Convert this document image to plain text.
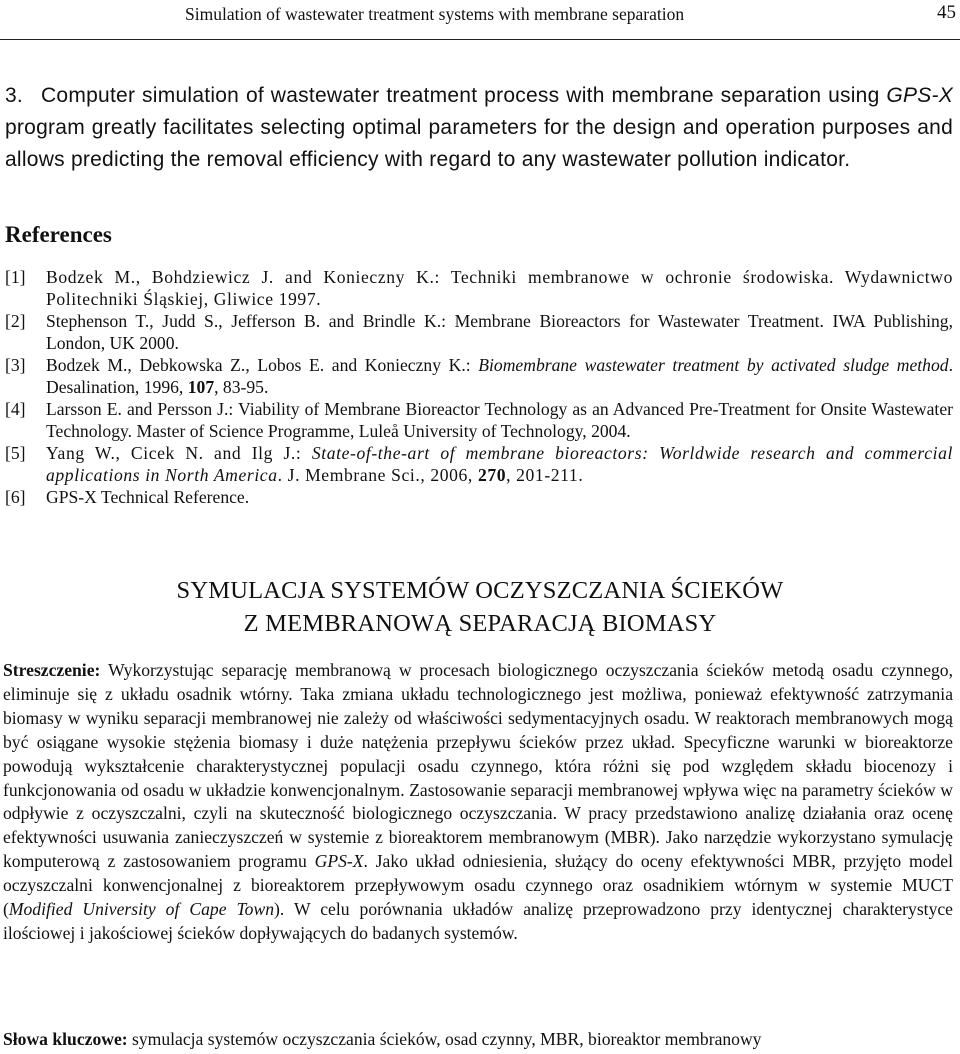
Simulation of wastewater treatment systems with membrane separation	45

3. Computer simulation of wastewater treatment process with membrane separation using GPS-X program greatly facilitates selecting optimal parameters for the design and operation purposes and allows predicting the removal efficiency with regard to any wastewater pollution indicator.

References
[1]	Bodzek M., Bohdziewicz J. and Konieczny K.: Techniki membranowe w ochronie środowiska. Wydawnictwo Politechniki Śląskiej, Gliwice 1997.
[2]	Stephenson T., Judd S., Jefferson B. and Brindle K.: Membrane Bioreactors for Wastewater Treatment. IWA Publishing, London, UK 2000.
[3]	Bodzek M., Debkowska Z., Lobos E. and Konieczny K.: Biomembrane wastewater treatment by activated sludge method. Desalination, 1996, 107, 83-95.
[4]	Larsson E. and Persson J.: Viability of Membrane Bioreactor Technology as an Advanced Pre-Treatment for Onsite Wastewater Technology. Master of Science Programme, Luleå University of Technology, 2004.
[5]	Yang W., Cicek N. and Ilg J.: State-of-the-art of membrane bioreactors: Worldwide research and commercial applications in North America. J. Membrane Sci., 2006, 270, 201-211.
[6]	GPS-X Technical Reference.
SYMULACJA SYSTEMÓW OCZYSZCZANIA ŚCIEKÓW
Z MEMBRANOWĄ SEPARACJĄ BIOMASY

Streszczenie: Wykorzystując separację membranową w procesach biologicznego oczyszczania ścieków metodą osadu czynnego, eliminuje się z układu osadnik wtórny. Taka zmiana układu technologicznego jest możliwa, ponieważ efektywność zatrzymania biomasy w wyniku separacji membranowej nie zależy od właściwości sedymentacyjnych osadu. W reaktorach membranowych mogą być osiągane wysokie stężenia biomasy i duże natężenia przepływu ścieków przez układ. Specyficzne warunki w bioreaktorze powodują wykształcenie charakterystycznej populacji osadu czynnego, która różni się pod względem składu biocenozy i funkcjonowania od osadu w układzie konwencjonalnym. Zastosowanie separacji membranowej wpływa więc na parametry ścieków w odpływie z oczyszczalni, czyli na skuteczność biologicznego oczyszczania. W pracy przedstawiono analizę działania oraz ocenę efektywności usuwania zanieczyszczeń w systemie z bioreaktorem membranowym (MBR). Jako narzędzie wykorzystano symulację komputerową z zastosowaniem programu GPS-X. Jako układ odniesienia, służący do oceny efektywności MBR, przyjęto model oczyszczalni konwencjonalnej z bioreaktorem przepływowym osadu czynnego oraz osadnikiem wtórnym w systemie MUCT (Modified University of Cape Town). W celu porównania układów analizę przeprowadzono przy identycznej charakterystyce ilościowej i jakościowej ścieków dopływających do badanych systemów.

Słowa kluczowe: symulacja systemów oczyszczania ścieków, osad czynny, MBR, bioreaktor membranowy
